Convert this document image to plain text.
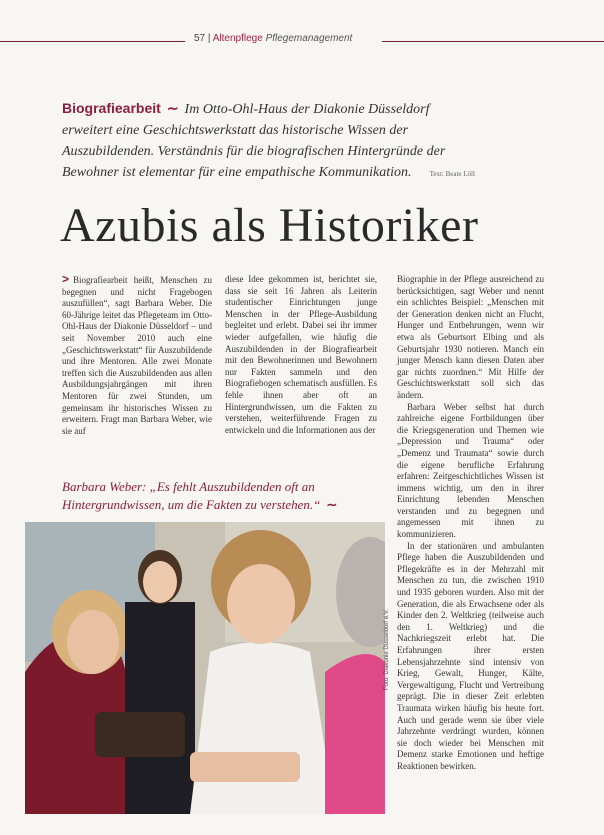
57 | Altenpflege Pflegemanagement
Biografiearbeit ∼ Im Otto-Ohl-Haus der Diakonie Düsseldorf erweitert eine Geschichtswerkstatt das historische Wissen der Auszubildenden. Verständnis für die biografischen Hintergründe der Bewohner ist elementar für eine empathische Kommunikation.	Text: Beate Löll
Azubis als Historiker

> Biografiearbeit heißt, Menschen zu begegnen und nicht Fragebogen auszufüllen“, sagt Barbara Weber. Die 60-Jährige leitet das Pflegeteam im Otto-Ohl-Haus der Diakonie Düsseldorf – und seit November 2010 auch eine „Geschichtswerkstatt“ für Auszubildende und ihre Mentoren. Alle zwei Monate treffen sich die Auszubildenden aus allen Ausbildungsjahrgängen mit ihren Mentoren für zwei Stunden, um gemeinsam ihr historisches Wissen zu erweitern. Fragt man Barbara Weber, wie sie auf

diese Idee gekommen ist, berichtet sie, dass sie seit 16 Jahren als Leiterin studentischer Einrichtungen junge Menschen in der Pflege-Ausbildung begleitet und erlebt. Dabei sei ihr immer wieder aufgefallen, wie häufig die Auszubildenden in der Biografiearbeit mit den Bewohnerinnen und Bewohnern nur Fakten sammeln und den Biografiebogen schematisch ausfüllen. Es fehle ihnen aber oft an Hintergrundwissen, um die Fakten zu verstehen, weiterführende Fragen zu entwickeln und die Informationen aus der

Biographie in der Pflege ausreichend zu berücksichtigen, sagt Weber und nennt ein schlichtes Beispiel: „Menschen mit der Generation denken nicht an Flucht, Hunger und Entbehrungen, wenn wir etwa als Geburtsort Elbing und als Geburtsjahr 1930 notieren. Manch ein junger Mensch kann diesen Daten aber gar nichts zuordnen.“ Mit Hilfe der Geschichtswerkstatt soll sich das ändern.

Barbara Weber selbst hat durch zahlreiche eigene Fortbildungen über die Kriegsgeneration und Themen wie „Depression und Trauma“ oder „Demenz und Traumata“ sowie durch die eigene berufliche Erfahrung erfahren: Zeitgeschichtliches Wissen ist immens wichtig, um den in ihrer Einrichtung lebenden Menschen verstanden und zu begegnen und angemessen mit ihnen zu kommunizieren.

In der stationären und ambulanten Pflege haben die Auszubildenden und Pflegekräfte es in der Mehrzahl mit Menschen zu tun, die zwischen 1910 und 1935 geboren wurden. Also mit der Generation, die als Erwachsene oder als Kinder den 2. Weltkrieg (teilweise auch den 1. Weltkrieg) und die Nachkriegszeit erlebt hat. Die Erfahrungen ihrer ersten Lebensjahrzehnte sind intensiv von Krieg, Gewalt, Hunger, Kälte, Vergewaltigung, Flucht und Vertreibung geprägt. Die in dieser Zeit erlebten Traumata wirken häufig bis heute fort. Auch und gerade wenn sie über viele Jahrzehnte verdrängt wurden, können sie doch wieder bei Menschen mit Demenz starke Emotionen und heftige Reaktionen bewirken.

Barbara Weber: „Es fehlt Auszubildenden oft an Hintergrundwissen, um die Fakten zu verstehen.“ ∼
Foto: Diakonie Düsseldorf e.V.
